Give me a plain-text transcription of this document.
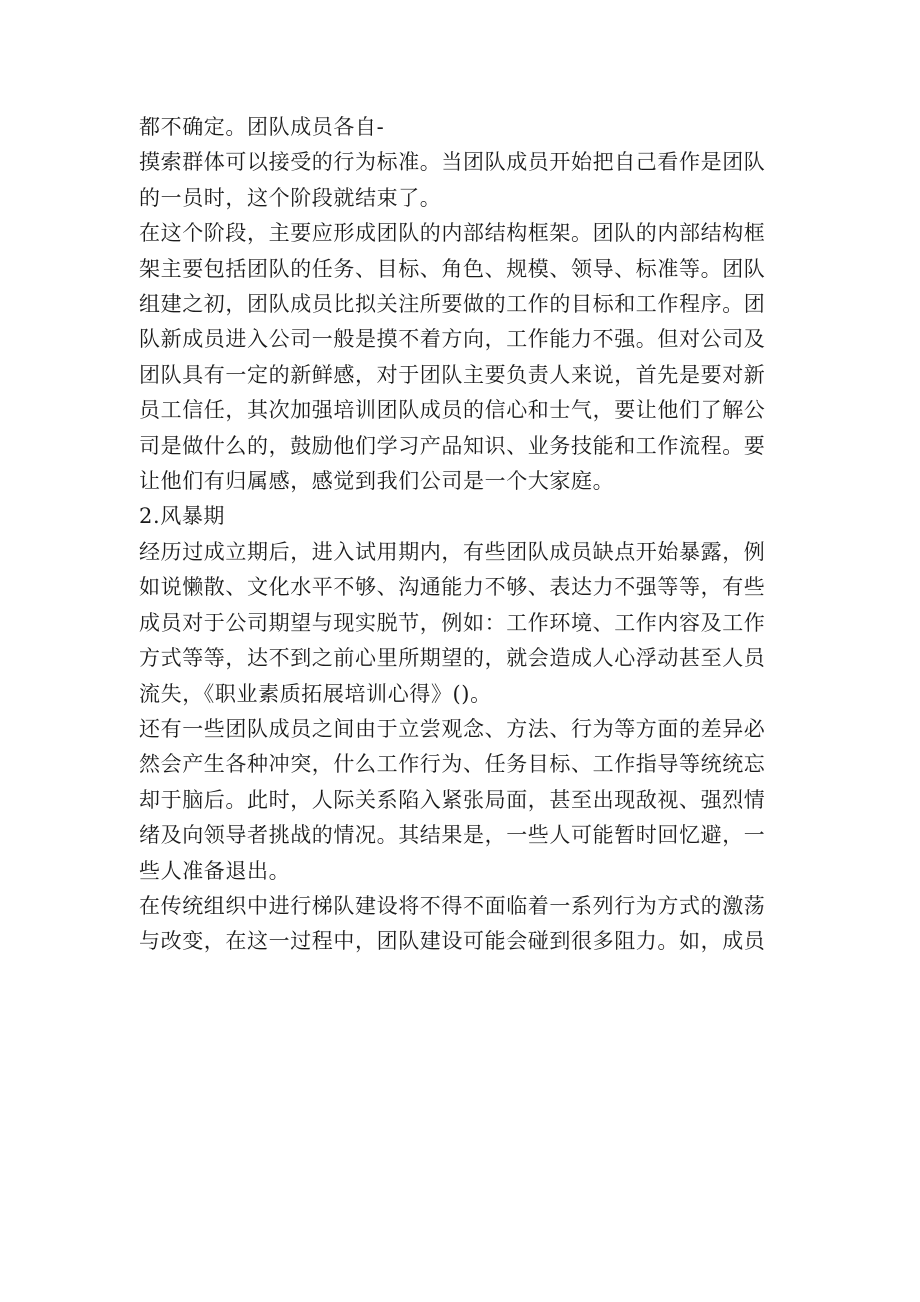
都不确定。团队成员各自-

摸索群体可以接受的行为标准。当团队成员开始把自己看作是团队

的一员时，这个阶段就结束了。

在这个阶段，主要应形成团队的内部结构框架。团队的内部结构框

架主要包括团队的任务、目标、角色、规模、领导、标准等。团队

组建之初，团队成员比拟关注所要做的工作的目标和工作程序。团

队新成员进入公司一般是摸不着方向，工作能力不强。但对公司及

团队具有一定的新鲜感，对于团队主要负责人来说，首先是要对新

员工信任，其次加强培训团队成员的信心和士气，要让他们了解公

司是做什么的，鼓励他们学习产品知识、业务技能和工作流程。要

让他们有归属感，感觉到我们公司是一个大家庭。

2.风暴期

经历过成立期后，进入试用期内，有些团队成员缺点开始暴露，例

如说懒散、文化水平不够、沟通能力不够、表达力不强等等，有些

成员对于公司期望与现实脱节，例如：工作环境、工作内容及工作

方式等等，达不到之前心里所期望的，就会造成人心浮动甚至人员

流失，《职业素质拓展培训心得》()。

还有一些团队成员之间由于立尝观念、方法、行为等方面的差异必

然会产生各种冲突，什么工作行为、任务目标、工作指导等统统忘

却于脑后。此时，人际关系陷入紧张局面，甚至出现敌视、强烈情

绪及向领导者挑战的情况。其结果是，一些人可能暂时回忆避，一

些人准备退出。

在传统组织中进行梯队建设将不得不面临着一系列行为方式的激荡

与改变，在这一过程中，团队建设可能会碰到很多阻力。如，成员
